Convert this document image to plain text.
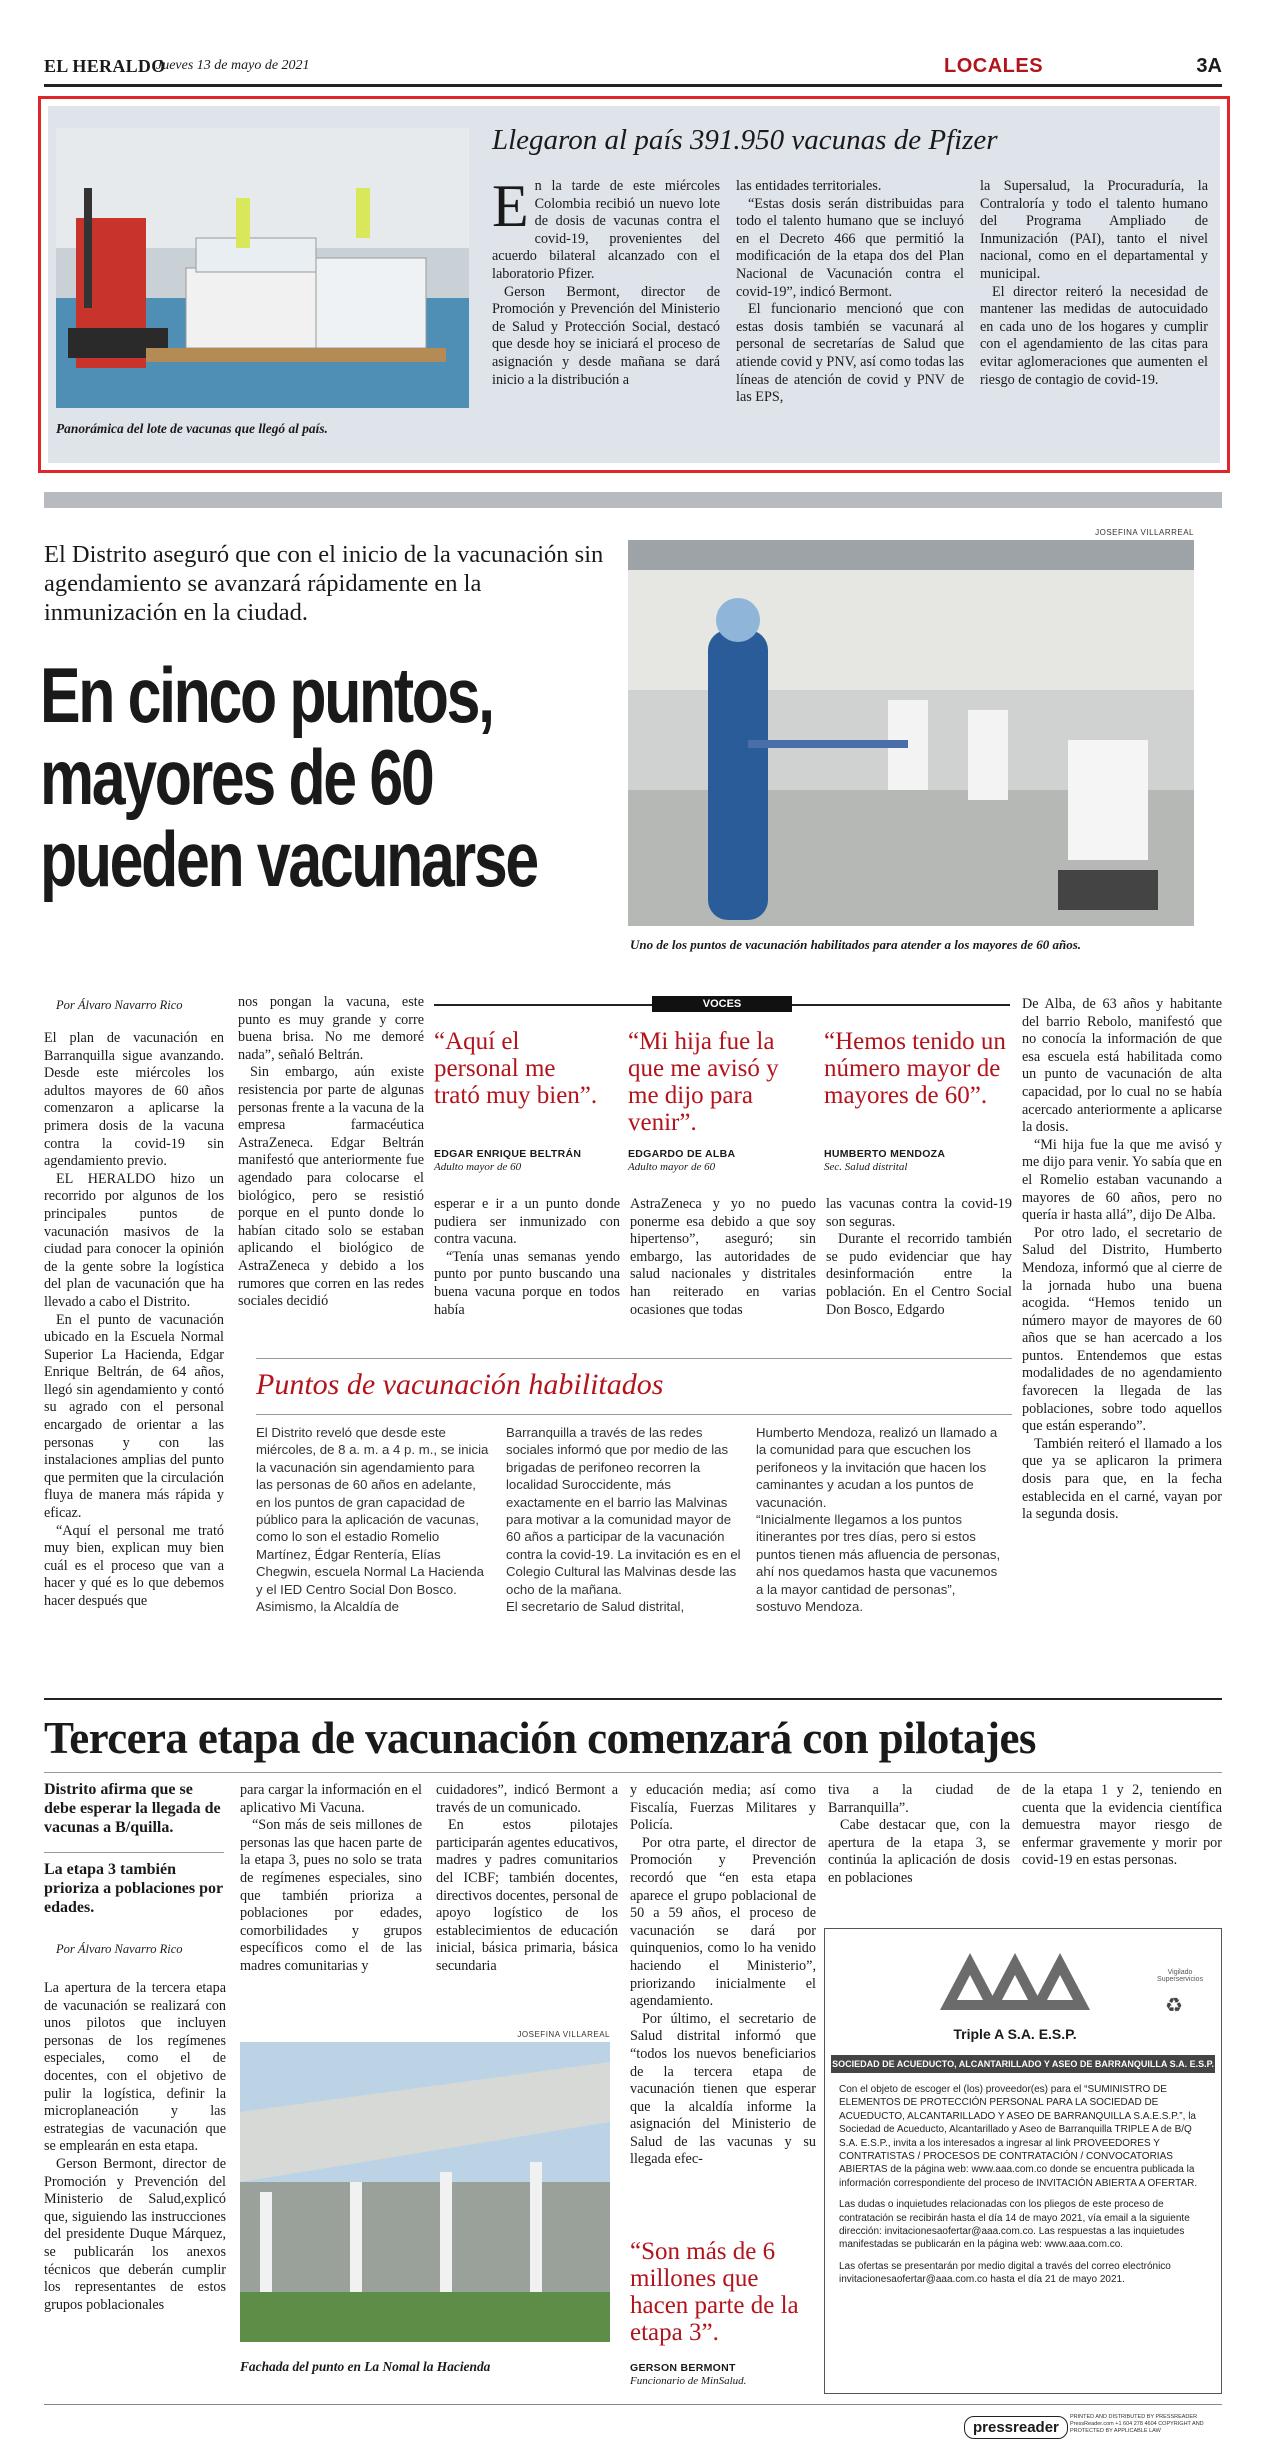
EL HERALDO
Jueves 13 de mayo de 2021	LOCALES	3A
Panorámica del lote de vacunas que llegó al país.
Llegaron al país 391.950 vacunas de Pfizer
E n la tarde de este miércoles Colombia recibió un nuevo lote de dosis de vacunas contra el covid-19, provenientes del acuerdo bilateral alcanzado con el laboratorio Pfizer.

Gerson Bermont, director de Promoción y Prevención del Ministerio de Salud y Protección Social, destacó que desde hoy se iniciará el proceso de asignación y desde mañana se dará inicio a la distribución a

las entidades territoriales.

“Estas dosis serán distribuidas para todo el talento humano que se incluyó en el Decreto 466 que permitió la modificación de la etapa dos del Plan Nacional de Vacunación contra el covid-19”, indicó Bermont.

El funcionario mencionó que con estas dosis también se vacunará al personal de secretarías de Salud que atiende covid y PNV, así como todas las líneas de atención de covid y PNV de las EPS,

la Supersalud, la Procuraduría, la Contraloría y todo el talento humano del Programa Ampliado de Inmunización (PAI), tanto el nivel nacional, como en el departamental y municipal.

El director reiteró la necesidad de mantener las medidas de autocuidado en cada uno de los hogares y cumplir con el agendamiento de las citas para evitar aglomeraciones que aumenten el riesgo de contagio de covid-19.

El Distrito aseguró que con el inicio de la vacunación sin agendamiento se avanzará rápidamente en la inmunización en la ciudad.
En cinco puntos,
mayores de 60
pueden vacunarse
JOSEFINA VILLARREAL
Uno de los puntos de vacunación habilitados para atender a los mayores de 60 años.
Por Álvaro Navarro Rico

El plan de vacunación en Barranquilla sigue avanzando. Desde este miércoles los adultos mayores de 60 años comenzaron a aplicarse la primera dosis de la vacuna contra la covid-19 sin agendamiento previo.

EL HERALDO hizo un recorrido por algunos de los principales puntos de vacunación masivos de la ciudad para conocer la opinión de la gente sobre la logística del plan de vacunación que ha llevado a cabo el Distrito.

En el punto de vacunación ubicado en la Escuela Normal Superior La Hacienda, Edgar Enrique Beltrán, de 64 años, llegó sin agendamiento y contó su agrado con el personal encargado de orientar a las personas y con las instalaciones amplias del punto que permiten que la circulación fluya de manera más rápida y eficaz.

“Aquí el personal me trató muy bien, explican muy bien cuál es el proceso que van a hacer y qué es lo que debemos hacer después que

nos pongan la vacuna, este punto es muy grande y corre buena brisa. No me demoré nada”, señaló Beltrán.

Sin embargo, aún existe resistencia por parte de algunas personas frente a la vacuna de la empresa farmacéutica AstraZeneca. Edgar Beltrán manifestó que anteriormente fue agendado para colocarse el biológico, pero se resistió porque en el punto donde lo habían citado solo se estaban aplicando el biológico de AstraZeneca y debido a los rumores que corren en las redes sociales decidió

VOCES
“Aquí el personal me trató muy bien”.
EDGAR ENRIQUE BELTRÁN
Adulto mayor de 60
“Mi hija fue la que me avisó y me dijo para venir”.
EDGARDO DE ALBA
Adulto mayor de 60
“Hemos tenido un número mayor de mayores de 60”.
HUMBERTO MENDOZA
Sec. Salud distrital

esperar e ir a un punto donde pudiera ser inmunizado con contra vacuna.

“Tenía unas semanas yendo punto por punto buscando una buena vacuna porque en todos había

AstraZeneca y yo no puedo ponerme esa debido a que soy hipertenso”, aseguró; sin embargo, las autoridades de salud nacionales y distritales han reiterado en varias ocasiones que todas

las vacunas contra la covid-19 son seguras.

Durante el recorrido también se pudo evidenciar que hay desinformación entre la población. En el Centro Social Don Bosco, Edgardo

De Alba, de 63 años y habitante del barrio Rebolo, manifestó que no conocía la información de que esa escuela está habilitada como un punto de vacunación de alta capacidad, por lo cual no se había acercado anteriormente a aplicarse la dosis.

“Mi hija fue la que me avisó y me dijo para venir. Yo sabía que en el Romelio estaban vacunando a mayores de 60 años, pero no quería ir hasta allá”, dijo De Alba.

Por otro lado, el secretario de Salud del Distrito, Humberto Mendoza, informó que al cierre de la jornada hubo una buena acogida. “Hemos tenido un número mayor de mayores de 60 años que se han acercado a los puntos. Entendemos que estas modalidades de no agendamiento favorecen la llegada de las poblaciones, sobre todo aquellos que están esperando”.

También reiteró el llamado a los que ya se aplicaron la primera dosis para que, en la fecha establecida en el carné, vayan por la segunda dosis.

Puntos de vacunación habilitados

El Distrito reveló que desde este miércoles, de 8 a. m. a 4 p. m., se inicia la vacunación sin agendamiento para las personas de 60 años en adelante, en los puntos de gran capacidad de público para la aplicación de vacunas, como lo son el estadio Romelio Martínez, Édgar Rentería, Elías Chegwin, escuela Normal La Hacienda y el IED Centro Social Don Bosco.

Asimismo, la Alcaldía de

Barranquilla a través de las redes sociales informó que por medio de las brigadas de perifoneo recorren la localidad Suroccidente, más exactamente en el barrio las Malvinas para motivar a la comunidad mayor de 60 años a participar de la vacunación contra la covid-19. La invitación es en el Colegio Cultural las Malvinas desde las ocho de la mañana.

El secretario de Salud distrital,

Humberto Mendoza, realizó un llamado a la comunidad para que escuchen los perifoneos y la invitación que hacen los caminantes y acudan a los puntos de vacunación.

“Inicialmente llegamos a los puntos itinerantes por tres días, pero si estos puntos tienen más afluencia de personas, ahí nos quedamos hasta que vacunemos a la mayor cantidad de personas”, sostuvo Mendoza.

Tercera etapa de vacunación comenzará con pilotajes
Distrito afirma que se debe esperar la llegada de vacunas a B/quilla.
La etapa 3 también prioriza a poblaciones por edades.
Por Álvaro Navarro Rico

La apertura de la tercera etapa de vacunación se realizará con unos pilotos que incluyen personas de los regímenes especiales, como el de docentes, con el objetivo de pulir la logística, definir la microplaneación y las estrategias de vacunación que se emplearán en esta etapa.

Gerson Bermont, director de Promoción y Prevención del Ministerio de Salud,explicó que, siguiendo las instrucciones del presidente Duque Márquez, se publicarán los anexos técnicos que deberán cumplir los representantes de estos grupos poblacionales

para cargar la información en el aplicativo Mi Vacuna.

“Son más de seis millones de personas las que hacen parte de la etapa 3, pues no solo se trata de regímenes especiales, sino que también prioriza a poblaciones por edades, comorbilidades y grupos específicos como el de las madres comunitarias y

cuidadores”, indicó Bermont a través de un comunicado.

En estos pilotajes participarán agentes educativos, madres y padres comunitarios del ICBF; también docentes, directivos docentes, personal de apoyo logístico de los establecimientos de educación inicial, básica primaria, básica secundaria

y educación media; así como Fiscalía, Fuerzas Militares y Policía.

Por otra parte, el director de Promoción y Prevención recordó que “en esta etapa aparece el grupo poblacional de 50 a 59 años, el proceso de vacunación se dará por quinquenios, como lo ha venido haciendo el Ministerio”, priorizando inicialmente el agendamiento.

Por último, el secretario de Salud distrital informó que “todos los nuevos beneficiarios de la tercera etapa de vacunación tienen que esperar que la alcaldía informe la asignación del Ministerio de Salud de las vacunas y su llegada efec-

tiva a la ciudad de Barranquilla”.

Cabe destacar que, con la apertura de la etapa 3, se continúa la aplicación de dosis en poblaciones

de la etapa 1 y 2, teniendo en cuenta que la evidencia científica demuestra mayor riesgo de enfermar gravemente y morir por covid-19 en estas personas.

JOSEFINA VILLAREAL
Fachada del punto en La Nomal la Hacienda
“Son más de 6 millones que hacen parte de la etapa 3”.
GERSON BERMONT
Funcionario de MinSalud.
Triple A S.A. E.S.P.
Vigilado Superservicios
♻
SOCIEDAD DE ACUEDUCTO, ALCANTARILLADO Y ASEO DE BARRANQUILLA S.A. E.S.P.

Con el objeto de escoger el (los) proveedor(es) para el “SUMINISTRO DE ELEMENTOS DE PROTECCIÓN PERSONAL PARA LA SOCIEDAD DE ACUEDUCTO, ALCANTARILLADO Y ASEO DE BARRANQUILLA S.A.E.S.P.”, la Sociedad de Acueducto, Alcantarillado y Aseo de Barranquilla TRIPLE A de B/Q S.A. E.S.P., invita a los interesados a ingresar al link PROVEEDORES Y CONTRATISTAS / PROCESOS DE CONTRATACIÓN / CONVOCATORIAS ABIERTAS de la página web: www.aaa.com.co donde se encuentra publicada la información correspondiente del proceso de INVITACIÓN ABIERTA A OFERTAR.

Las dudas o inquietudes relacionadas con los pliegos de este proceso de contratación se recibirán hasta el día 14 de mayo 2021, vía email a la siguiente dirección: invitacionesaofertar@aaa.com.co. Las respuestas a las inquietudes manifestadas se publicarán en la página web: www.aaa.com.co.

Las ofertas se presentarán por medio digital a través del correo electrónico invitacionesaofertar@aaa.com.co hasta el día 21 de mayo 2021.

pressreader
PRINTED AND DISTRIBUTED BY PRESSREADER PressReader.com +1 604 278 4604 COPYRIGHT AND PROTECTED BY APPLICABLE LAW
